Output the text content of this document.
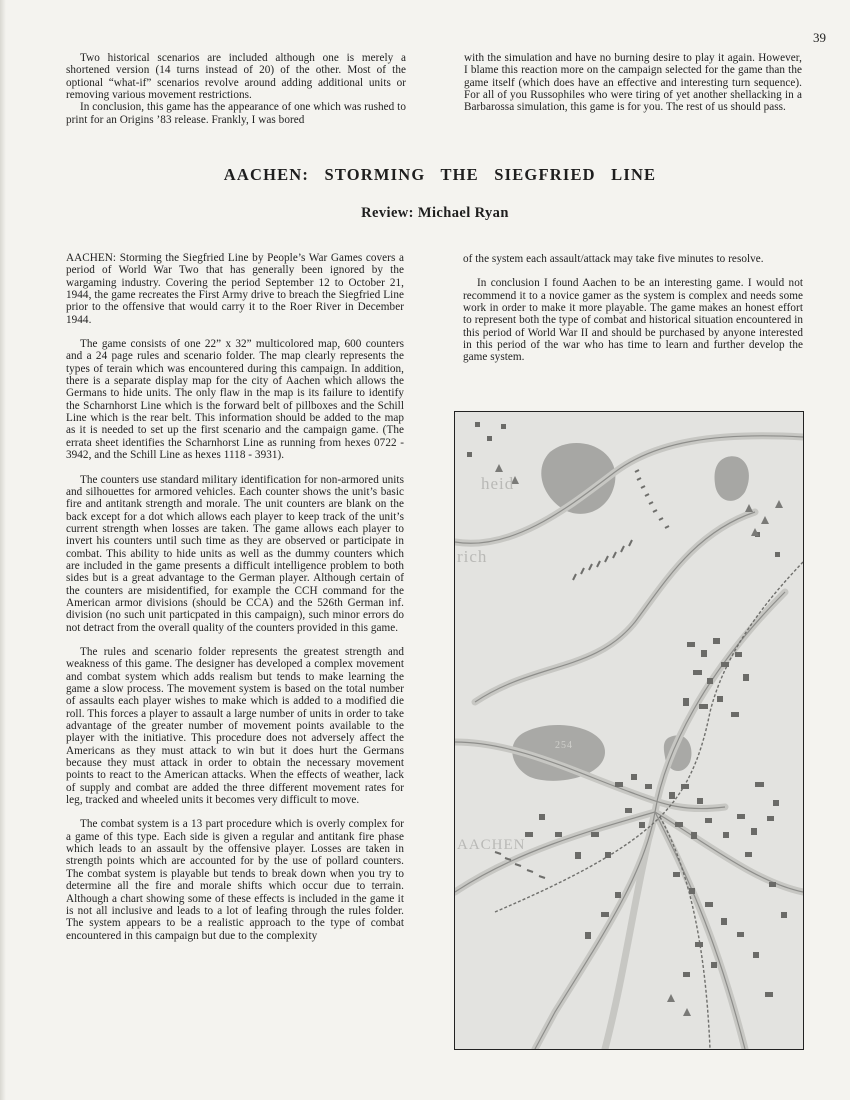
39

Two historical scenarios are included although one is merely a shortened version (14 turns instead of 20) of the other. Most of the optional “what-if” scenarios revolve around adding additional units or removing various movement restrictions.

In conclusion, this game has the appearance of one which was rushed to print for an Origins ’83 release. Frankly, I was bored

with the simulation and have no burning desire to play it again. However, I blame this reaction more on the campaign selected for the game than the game itself (which does have an effective and interesting turn sequence). For all of you Russophiles who were tiring of yet another shellacking in a Barbarossa simulation, this game is for you. The rest of us should pass.

AACHEN: STORMING THE SIEGFRIED LINE
Review: Michael Ryan

AACHEN: Storming the Siegfried Line by People’s War Games covers a period of World War Two that has generally been ignored by the wargaming industry. Covering the period September 12 to October 21, 1944, the game recreates the First Army drive to breach the Siegfried Line prior to the offensive that would carry it to the Roer River in December 1944.

The game consists of one 22” x 32” multicolored map, 600 counters and a 24 page rules and scenario folder. The map clearly represents the types of terain which was encountered during this campaign. In addition, there is a separate display map for the city of Aachen which allows the Germans to hide units. The only flaw in the map is its failure to identify the Scharnhorst Line which is the forward belt of pillboxes and the Schill Line which is the rear belt. This information should be added to the map as it is needed to set up the first scenario and the campaign game. (The errata sheet identifies the Scharnhorst Line as running from hexes 0722 - 3942, and the Schill Line as hexes 1118 - 3931).

The counters use standard military identification for non-armored units and silhouettes for armored vehicles. Each counter shows the unit’s basic fire and antitank strength and morale. The unit counters are blank on the back except for a dot which allows each player to keep track of the unit’s current strength when losses are taken. The game allows each player to invert his counters until such time as they are observed or participate in combat. This ability to hide units as well as the dummy counters which are included in the game presents a difficult intelligence problem to both sides but is a great advantage to the German player. Although certain of the counters are misidentified, for example the CCH command for the American armor divisions (should be CCA) and the 526th German inf. division (no such unit particpated in this campaign), such minor errors do not detract from the overall quality of the counters provided in this game.

The rules and scenario folder represents the greatest strength and weakness of this game. The designer has developed a complex movement and combat system which adds realism but tends to make learning the game a slow process. The movement system is based on the total number of assaults each player wishes to make which is added to a modified die roll. This forces a player to assault a large number of units in order to take advantage of the greater number of movement points available to the player with the initiative. This procedure does not adversely affect the Americans as they must attack to win but it does hurt the Germans because they must attack in order to obtain the necessary movement points to react to the American attacks. When the effects of weather, lack of supply and combat are added the three different movement rates for leg, tracked and wheeled units it becomes very difficult to move.

The combat system is a 13 part procedure which is overly complex for a game of this type. Each side is given a regular and antitank fire phase which leads to an assault by the offensive player. Losses are taken in strength points which are accounted for by the use of pollard counters. The combat system is playable but tends to break down when you try to determine all the fire and morale shifts which occur due to terrain. Although a chart showing some of these effects is included in the game it is not all inclusive and leads to a lot of leafing through the rules folder. The system appears to be a realistic approach to the type of combat encountered in this campaign but due to the complexity

of the system each assault/attack may take five minutes to resolve.

In conclusion I found Aachen to be an interesting game. I would not recommend it to a novice gamer as the system is complex and needs some work in order to make it more playable. The game makes an honest effort to represent both the type of combat and historical situation encountered in this period of World War II and should be purchased by anyone interested in this period of the war who has time to learn and further develop the game system.

heid
rich
254
AACHEN
